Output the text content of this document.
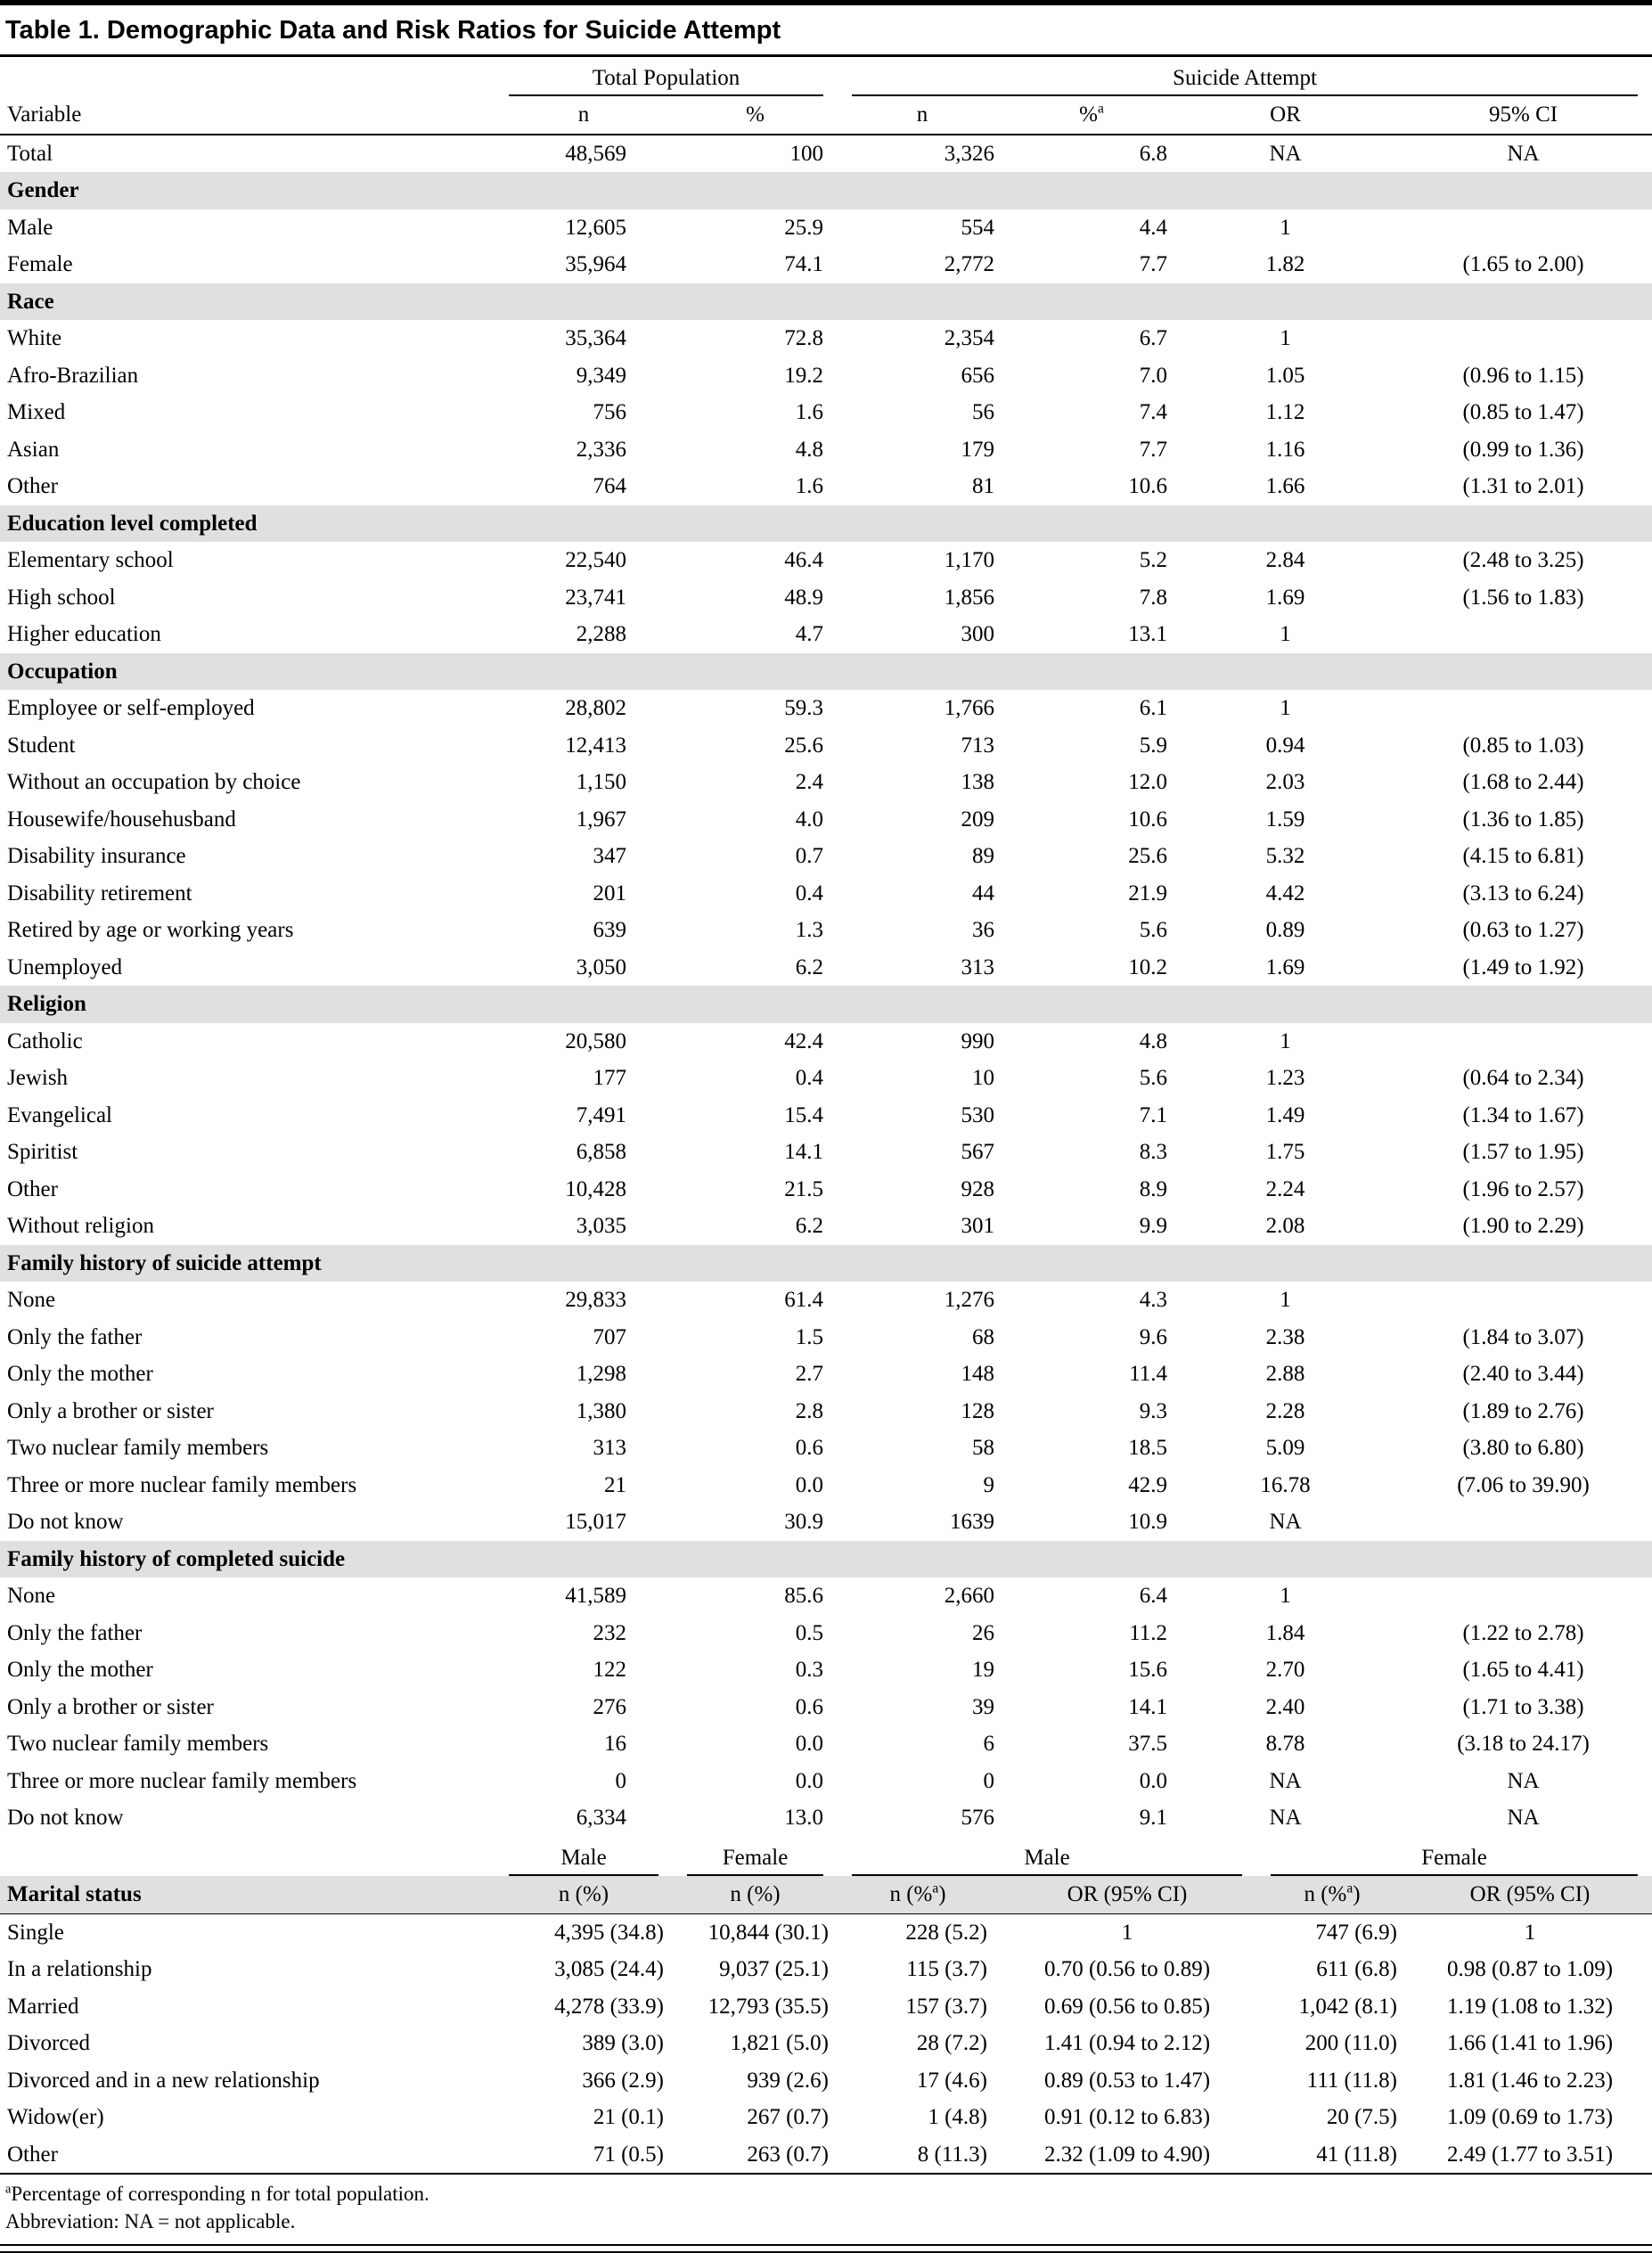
Table 1. Demographic Data and Risk Ratios for Suicide Attempt

	Total Population		Suicide Attempt			

Variable	n	%	n	%$^a$	OR	95% CI
Total	48,569	100	3,326	6.8	NA	NA
Gender						
Male	12,605	25.9	554	4.4	1	
Female	35,964	74.1	2,772	7.7	1.82	(1.65 to 2.00)
Race						
White	35,364	72.8	2,354	6.7	1	
Afro-Brazilian	9,349	19.2	656	7.0	1.05	(0.96 to 1.15)
Mixed	756	1.6	56	7.4	1.12	(0.85 to 1.47)
Asian	2,336	4.8	179	7.7	1.16	(0.99 to 1.36)
Other	764	1.6	81	10.6	1.66	(1.31 to 2.01)
Education level completed						
Elementary school	22,540	46.4	1,170	5.2	2.84	(2.48 to 3.25)
High school	23,741	48.9	1,856	7.8	1.69	(1.56 to 1.83)
Higher education	2,288	4.7	300	13.1	1	
Occupation						
Employee or self-employed	28,802	59.3	1,766	6.1	1	
Student	12,413	25.6	713	5.9	0.94	(0.85 to 1.03)
Without an occupation by choice	1,150	2.4	138	12.0	2.03	(1.68 to 2.44)
Housewife/househusband	1,967	4.0	209	10.6	1.59	(1.36 to 1.85)
Disability insurance	347	0.7	89	25.6	5.32	(4.15 to 6.81)
Disability retirement	201	0.4	44	21.9	4.42	(3.13 to 6.24)
Retired by age or working years	639	1.3	36	5.6	0.89	(0.63 to 1.27)
Unemployed	3,050	6.2	313	10.2	1.69	(1.49 to 1.92)
Religion						
Catholic	20,580	42.4	990	4.8	1	
Jewish	177	0.4	10	5.6	1.23	(0.64 to 2.34)
Evangelical	7,491	15.4	530	7.1	1.49	(1.34 to 1.67)
Spiritist	6,858	14.1	567	8.3	1.75	(1.57 to 1.95)
Other	10,428	21.5	928	8.9	2.24	(1.96 to 2.57)
Without religion	3,035	6.2	301	9.9	2.08	(1.90 to 2.29)
Family history of suicide attempt						
None	29,833	61.4	1,276	4.3	1	
Only the father	707	1.5	68	9.6	2.38	(1.84 to 3.07)
Only the mother	1,298	2.7	148	11.4	2.88	(2.40 to 3.44)
Only a brother or sister	1,380	2.8	128	9.3	2.28	(1.89 to 2.76)
Two nuclear family members	313	0.6	58	18.5	5.09	(3.80 to 6.80)
Three or more nuclear family members	21	0.0	9	42.9	16.78	(7.06 to 39.90)
Do not know	15,017	30.9	1639	10.9	NA	
Family history of completed suicide						
None	41,589	85.6	2,660	6.4	1	
Only the father	232	0.5	26	11.2	1.84	(1.22 to 2.78)
Only the mother	122	0.3	19	15.6	2.70	(1.65 to 4.41)
Only a brother or sister	276	0.6	39	14.1	2.40	(1.71 to 3.38)
Two nuclear family members	16	0.0	6	37.5	8.78	(3.18 to 24.17)
Three or more nuclear family members	0	0.0	0	0.0	NA	NA
Do not know	6,334	13.0	576	9.1	NA	NA

	Male	Female	Male		Female	

Marital status	n (%)	n (%)	n (%$^a$)	OR (95% CI)	n (%$^a$)	OR (95% CI)
Single	4,395 (34.8)	10,844 (30.1)	228 (5.2)	1	747 (6.9)	1
In a relationship	3,085 (24.4)	9,037 (25.1)	115 (3.7)	0.70 (0.56 to 0.89)	611 (6.8)	0.98 (0.87 to 1.09)
Married	4,278 (33.9)	12,793 (35.5)	157 (3.7)	0.69 (0.56 to 0.85)	1,042 (8.1)	1.19 (1.08 to 1.32)
Divorced	389 (3.0)	1,821 (5.0)	28 (7.2)	1.41 (0.94 to 2.12)	200 (11.0)	1.66 (1.41 to 1.96)
Divorced and in a new relationship	366 (2.9)	939 (2.6)	17 (4.6)	0.89 (0.53 to 1.47)	111 (11.8)	1.81 (1.46 to 2.23)
Widow(er)	21 (0.1)	267 (0.7)	1 (4.8)	0.91 (0.12 to 6.83)	20 (7.5)	1.09 (0.69 to 1.73)
Other	71 (0.5)	263 (0.7)	8 (11.3)	2.32 (1.09 to 4.90)	41 (11.8)	2.49 (1.77 to 3.51)

$^a$Percentage of corresponding n for total population.

Abbreviation: NA = not applicable.
